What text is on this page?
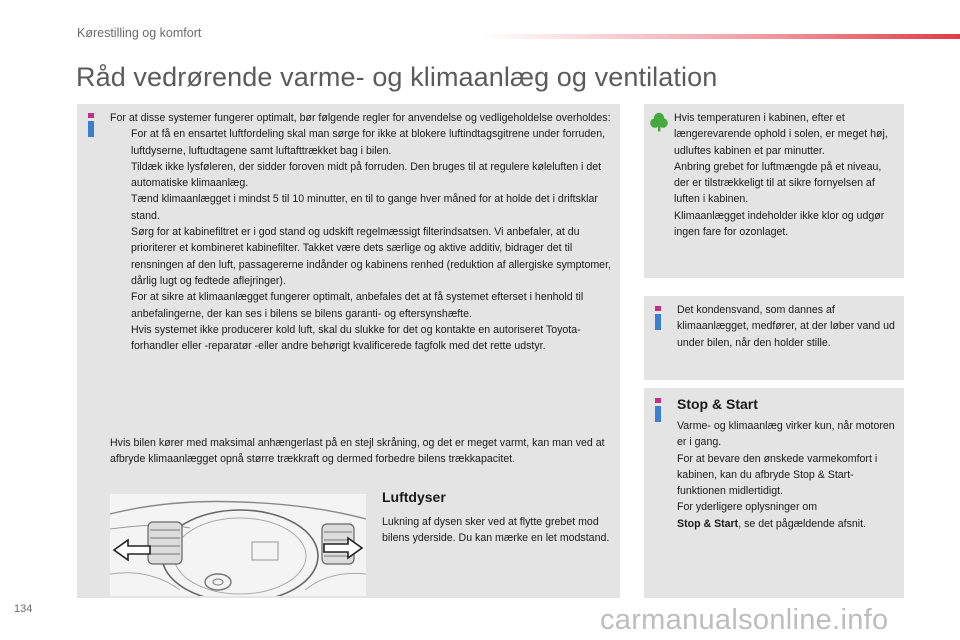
Kørestilling og komfort
Råd vedrørende varme- og klimaanlæg og ventilation

For at disse systemer fungerer optimalt, bør følgende regler for anvendelse og vedligeholdelse overholdes:

For at få en ensartet luftfordeling skal man sørge for ikke at blokere luftindtagsgitrene under forruden, luftdyserne, luftudtagene samt luftafttrækket bag i bilen.
Tildæk ikke lysføleren, der sidder foroven midt på forruden. Den bruges til at regulere køleluften i det automatiske klimaanlæg.
Tænd klimaanlægget i mindst 5 til 10 minutter, en til to gange hver måned for at holde det i driftsklar stand.
Sørg for at kabinefiltret er i god stand og udskift regelmæssigt filterindsatsen. Vi anbefaler, at du prioriterer et kombineret kabinefilter. Takket være dets særlige og aktive additiv, bidrager det til rensningen af den luft, passagererne indånder og kabinens renhed (reduktion af allergiske symptomer, dårlig lugt og fedtede aflejringer).
For at sikre at klimaanlægget fungerer optimalt, anbefales det at få systemet efterset i henhold til anbefalingerne, der kan ses i bilens se bilens garanti- og eftersynshæfte.
Hvis systemet ikke producerer kold luft, skal du slukke for det og kontakte en autoriseret Toyota-forhandler eller -reparatør -eller andre behørigt kvalificerede fagfolk med det rette udstyr.

Hvis bilen kører med maksimal anhængerlast på en stejl skråning, og det er meget varmt, kan man ved at afbryde klimaanlægget opnå større trækkraft og dermed forbedre bilens trækkapacitet.

Luftdyser

Lukning af dysen sker ved at flytte grebet mod bilens yderside. Du kan mærke en let modstand.

Hvis temperaturen i kabinen, efter et længerevarende ophold i solen, er meget høj, udluftes kabinen et par minutter.
Anbring grebet for luftmængde på et niveau, der er tilstrækkeligt til at sikre fornyelsen af luften i kabinen.
Klimaanlægget indeholder ikke klor og udgør ingen fare for ozonlaget.

Det kondensvand, som dannes af klimaanlægget, medfører, at der løber vand ud under bilen, når den holder stille.

Stop & Start

Varme- og klimaanlæg virker kun, når motoren er i gang.
For at bevare den ønskede varmekomfort i kabinen, kan du afbryde Stop & Start-funktionen midlertidigt.
For yderligere oplysninger om
Stop & Start, se det pågældende afsnit.

134	carmanualsonline.info
